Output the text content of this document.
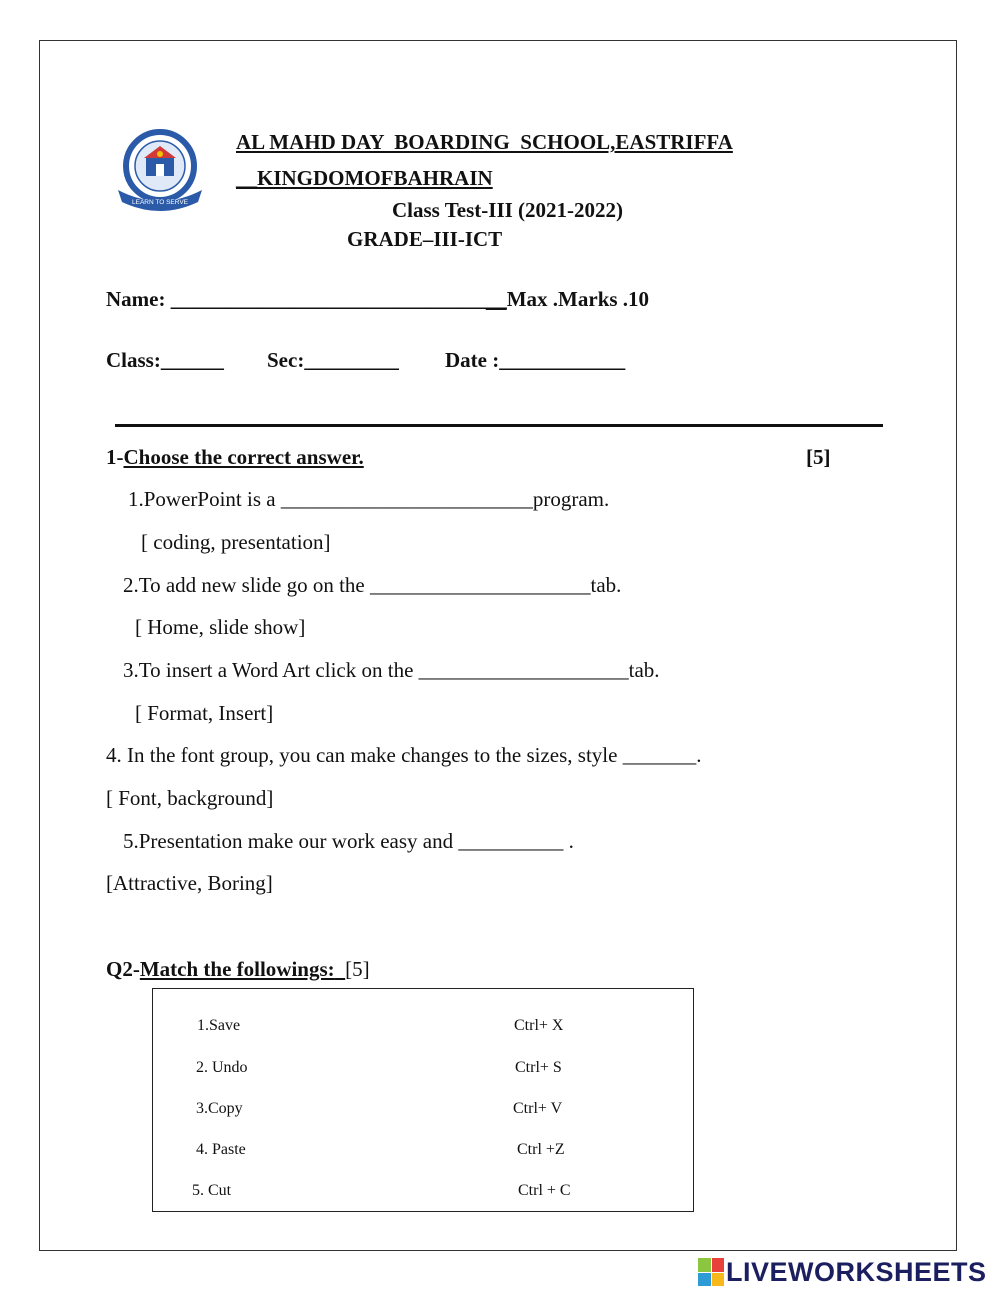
LEARN TO SERVE
AL MAHD DAY  BOARDING  SCHOOL,EASTRIFFA
__KINGDOMOFBAHRAIN
Class Test-III (2021-2022)
GRADE–III-ICT
Name: ________________________________Max .Marks .10
Class:______ Sec:_________ Date :____________
1-Choose the correct answer.	[5]
1.PowerPoint is a ________________________program.
[ coding, presentation]
2.To add new slide go on the _____________________tab.
[ Home, slide show]
3.To insert a Word Art click on the ____________________tab.
[ Format, Insert]
4. In the font group, you can make changes to the sizes, style _______.
[ Font, background]
5.Presentation make our work easy and __________ .
[Attractive, Boring]
Q2-Match the followings: [5]
1.Save
2. Undo
3.Copy
4. Paste
5. Cut
Ctrl+ X
Ctrl+ S
Ctrl+ V
Ctrl +Z
Ctrl + C
LIVEWORKSHEETS
